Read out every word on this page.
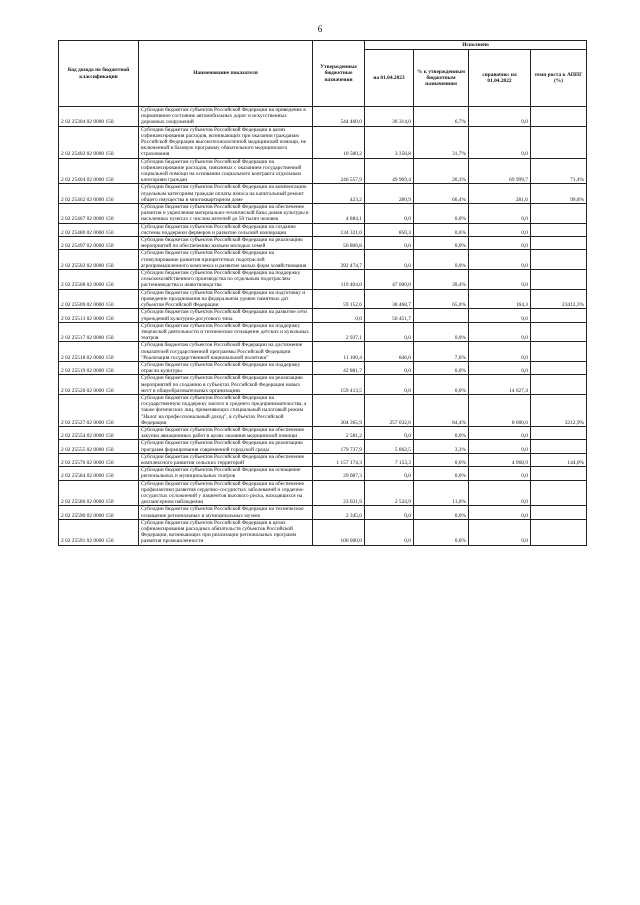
6
Код дохода по бюджетной классификации	Наименование показателя	Утвержденные бюджетные назначения	Исполнено			
			на 01.04.2023	% к утвержденным бюджетным назначениям	справочно: на 01.04.2022	темп роста к АППГ (%)
2 02 25304 02 0000 150	Субсидии бюджетам субъектов Российской Федерации на приведение в нормативное состояние автомобильных дорог и искусственных дорожных сооружений	544 460,0	36 314,0	6,7%	0,0	
2 02 25402 02 0000 150	Субсидии бюджетам субъектов Российской Федерации в целях софинансирования расходов, возникающих при оказании гражданам Российской Федерации высокотехнологичной медицинской помощи, не включенной в базовую программу обязательного медицинского страхования	10 580,2	3 356,8	31,7%	0,0	
2 02 25404 02 0000 150	Субсидии бюджетам субъектов Российской Федерации на софинансирование расходов, связанных с оказанием государственной социальной помощи на основании социального контракта отдельным категориям граждан	246 557,9	49 969,4	20,3%	69 999,7	71,4%
2 02 25462 02 0000 150	Субсидии бюджетам субъектов Российской Федерации на компенсацию отдельным категориям граждан оплаты взноса на капитальный ремонт общего имущества в многоквартирном доме	423,2	280,9	66,4%	281,6	99,8%
2 02 25467 02 0000 150	Субсидии бюджетам субъектов Российской Федерации на обеспечение развития и укрепления материально-технической базы домов культуры в населенных пунктах с числом жителей до 50 тысяч человек	4 884,1	0,0	0,0%	0,0	
2 02 25480 02 0000 150	Субсидии бюджетам субъектов Российской Федерации на создание системы поддержки фермеров и развитие сельской кооперации	134 321,0	850,3	0,6%	0,0	
2 02 25497 02 0000 150	Субсидии бюджетам субъектов Российской Федерации на реализацию мероприятий по обеспечению жильем молодых семей	50 806,8	0,0	0,0%	0,0	
2 02 25502 02 0000 150	Субсидии бюджетам субъектов Российской Федерации на стимулирование развития приоритетных подотраслей агропромышленного комплекса и развитие малых форм хозяйствования	392 474,7	0,0	0,0%	0,0	
2 02 25508 02 0000 150	Субсидии бюджетам субъектов Российской Федерации на поддержку сельскохозяйственного производства по отдельным подотраслям растениеводства и животноводства	119 404,0	47 000,0	39,4%	0,0	
2 02 25509 02 0000 150	Субсидии бюджетам субъектов Российской Федерации на подготовку и проведение празднования на федеральном уровне памятных дат субъектов Российской Федерации	59 152,6	38 468,7	65,0%	164,3	23412,3%
2 02 25513 02 0000 150	Субсидии бюджетам субъектов Российской Федерации на развитие сети учреждений культурно-досугового типа	0,0	56 451,7		0,0	
2 02 25517 02 0000 150	Субсидии бюджетам субъектов Российской Федерации на поддержку творческой деятельности и техническое оснащение детских и кукольных театров	2 937,1	0,0	0,0%	0,0	
2 02 25518 02 0000 150	Субсидия бюджетам субъектов Российской Федерации на достижение показателей государственной программы Российской Федерации "Реализация государственной национальной политики"	11 100,4	846,0	7,6%	0,0	
2 02 25519 02 0000 150	Субсидии бюджетам субъектов Российской Федерации на поддержку отрасли культуры	42 881,7	0,0	0,0%	0,0	
2 02 25520 02 0000 150	Субсидии бюджетам субъектов Российской Федерации на реализацию мероприятий по созданию в субъектах Российской Федерации новых мест в общеобразовательных организациях	159 413,5	0,0	0,0%	14 627,4	
2 02 25527 02 0000 150	Субсидии бюджетам субъектов Российской Федерации на государственную поддержку малого и среднего предпринимательства, а также физических лиц, применяющих специальный налоговый режим "Налог на профессиональный доход", в субъектах Российской Федерации	304 365,9	257 032,6	84,4%	8 000,0	3212,9%
2 02 25554 02 0000 150	Субсидии бюджетам субъектов Российской Федерации на обеспечение закупки авиационных работ в целях оказания медицинской помощи	2 581,2	0,0	0,0%	0,0	
2 02 25555 02 0000 150	Субсидии бюджетам субъектов Российской Федерации на реализацию программ формирования современной городской среды	179 737,9	5 862,5	3,3%	0,0	
2 02 25576 02 0000 150	Субсидии бюджетам субъектов Российской Федерации на обеспечение комплексного развития сельских территорий	1 157 174,3	7 153,3	0,6%	4 968,9	144,0%
2 02 25584 02 0000 150	Субсидии бюджетам субъектов Российской Федерации на оснащение региональных и муниципальных театров	29 087,3	0,0	0,0%	0,0	
2 02 25586 02 0000 150	Субсидии бюджетам субъектов Российской Федерации на обеспечение профилактики развития сердечно-сосудистых заболеваний и сердечно-сосудистых осложнений у пациентов высокого риска, находящихся на диспансерном наблюдении	23 031,9	2 524,9	11,0%	0,0	
2 02 25590 02 0000 150	Субсидии бюджетам субъектов Российской Федерации на техническое оснащение региональных и муниципальных музеев	2 345,0	0,0	0,0%	0,0	
2 02 25591 02 0000 150	Субсидии бюджетам субъектов Российской Федерации в целях софинансирования расходных обязательств субъектов Российской Федерации, возникающих при реализации региональных программ развития промышленности	100 000,0	0,0	0,0%	0,0	
